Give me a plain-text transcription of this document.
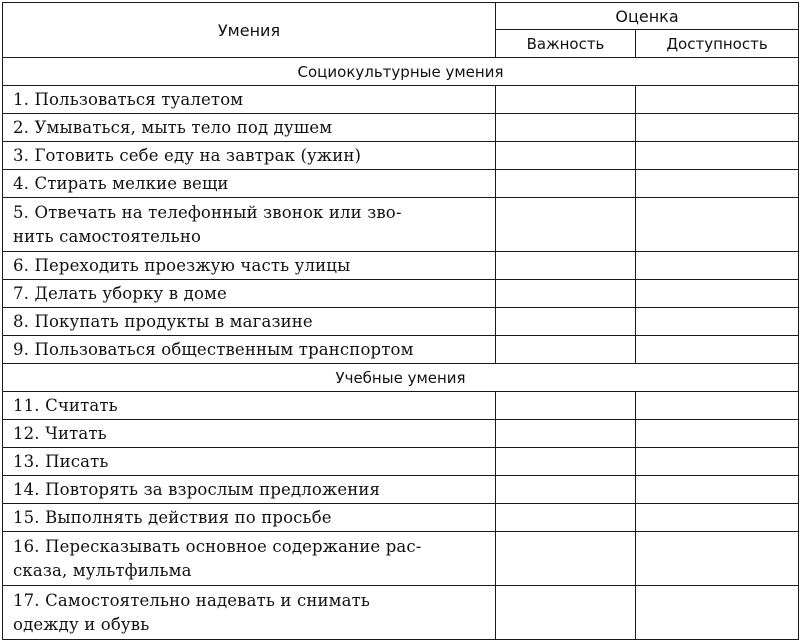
Умения	Оценка	
	Важность	Доступность
Социокультурные умения		

1. Пользоваться туалетом		

2. Умываться, мыть тело под душем		

3. Готовить себе еду на завтрак (ужин)		

4. Стирать мелкие вещи		

5. Отвечать на телефонный звонок или зво-
нить самостоятельно		

6. Переходить проезжую часть улицы		

7. Делать уборку в доме		

8. Покупать продукты в магазине		

9. Пользоваться общественным транспортом		

Учебные умения		

11. Считать		

12. Читать		

13. Писать		

14. Повторять за взрослым предложения		

15. Выполнять действия по просьбе		

16. Пересказывать основное содержание рас-
сказа, мультфильма		

17. Самостоятельно надевать и снимать
одежду и обувь		
